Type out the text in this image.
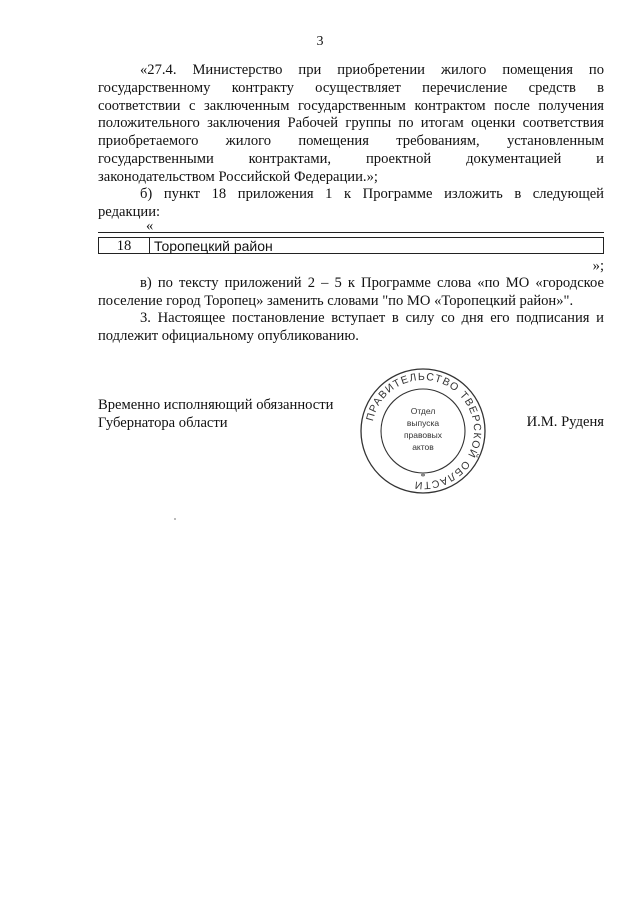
3
«27.4. Министерство при приобретении жилого помещения по
государственному контракту осуществляет перечисление средств в
соответствии с заключенным государственным контрактом после получения
положительного заключения Рабочей группы по итогам оценки соответствия
приобретаемого жилого помещения требованиям, установленным
государственными контрактами, проектной документацией и
законодательством Российской Федерации.»;
б) пункт 18 приложения 1 к Программе изложить в следующей
редакции:
«
18	Торопецкий район
»;
в) по тексту приложений 2 – 5 к Программе слова «по МО «городское
поселение город Торопец» заменить словами "по МО «Торопецкий район»".
3. Настоящее постановление вступает в силу со дня его подписания и
подлежит официальному опубликованию.
Временно исполняющий обязанности
Губернатора области	И.М. Руденя
ПРАВИТЕЛЬСТВО ТВЕРСКОЙ ОБЛАСТИ
*
Отдел
выпуска
правовых
актов
